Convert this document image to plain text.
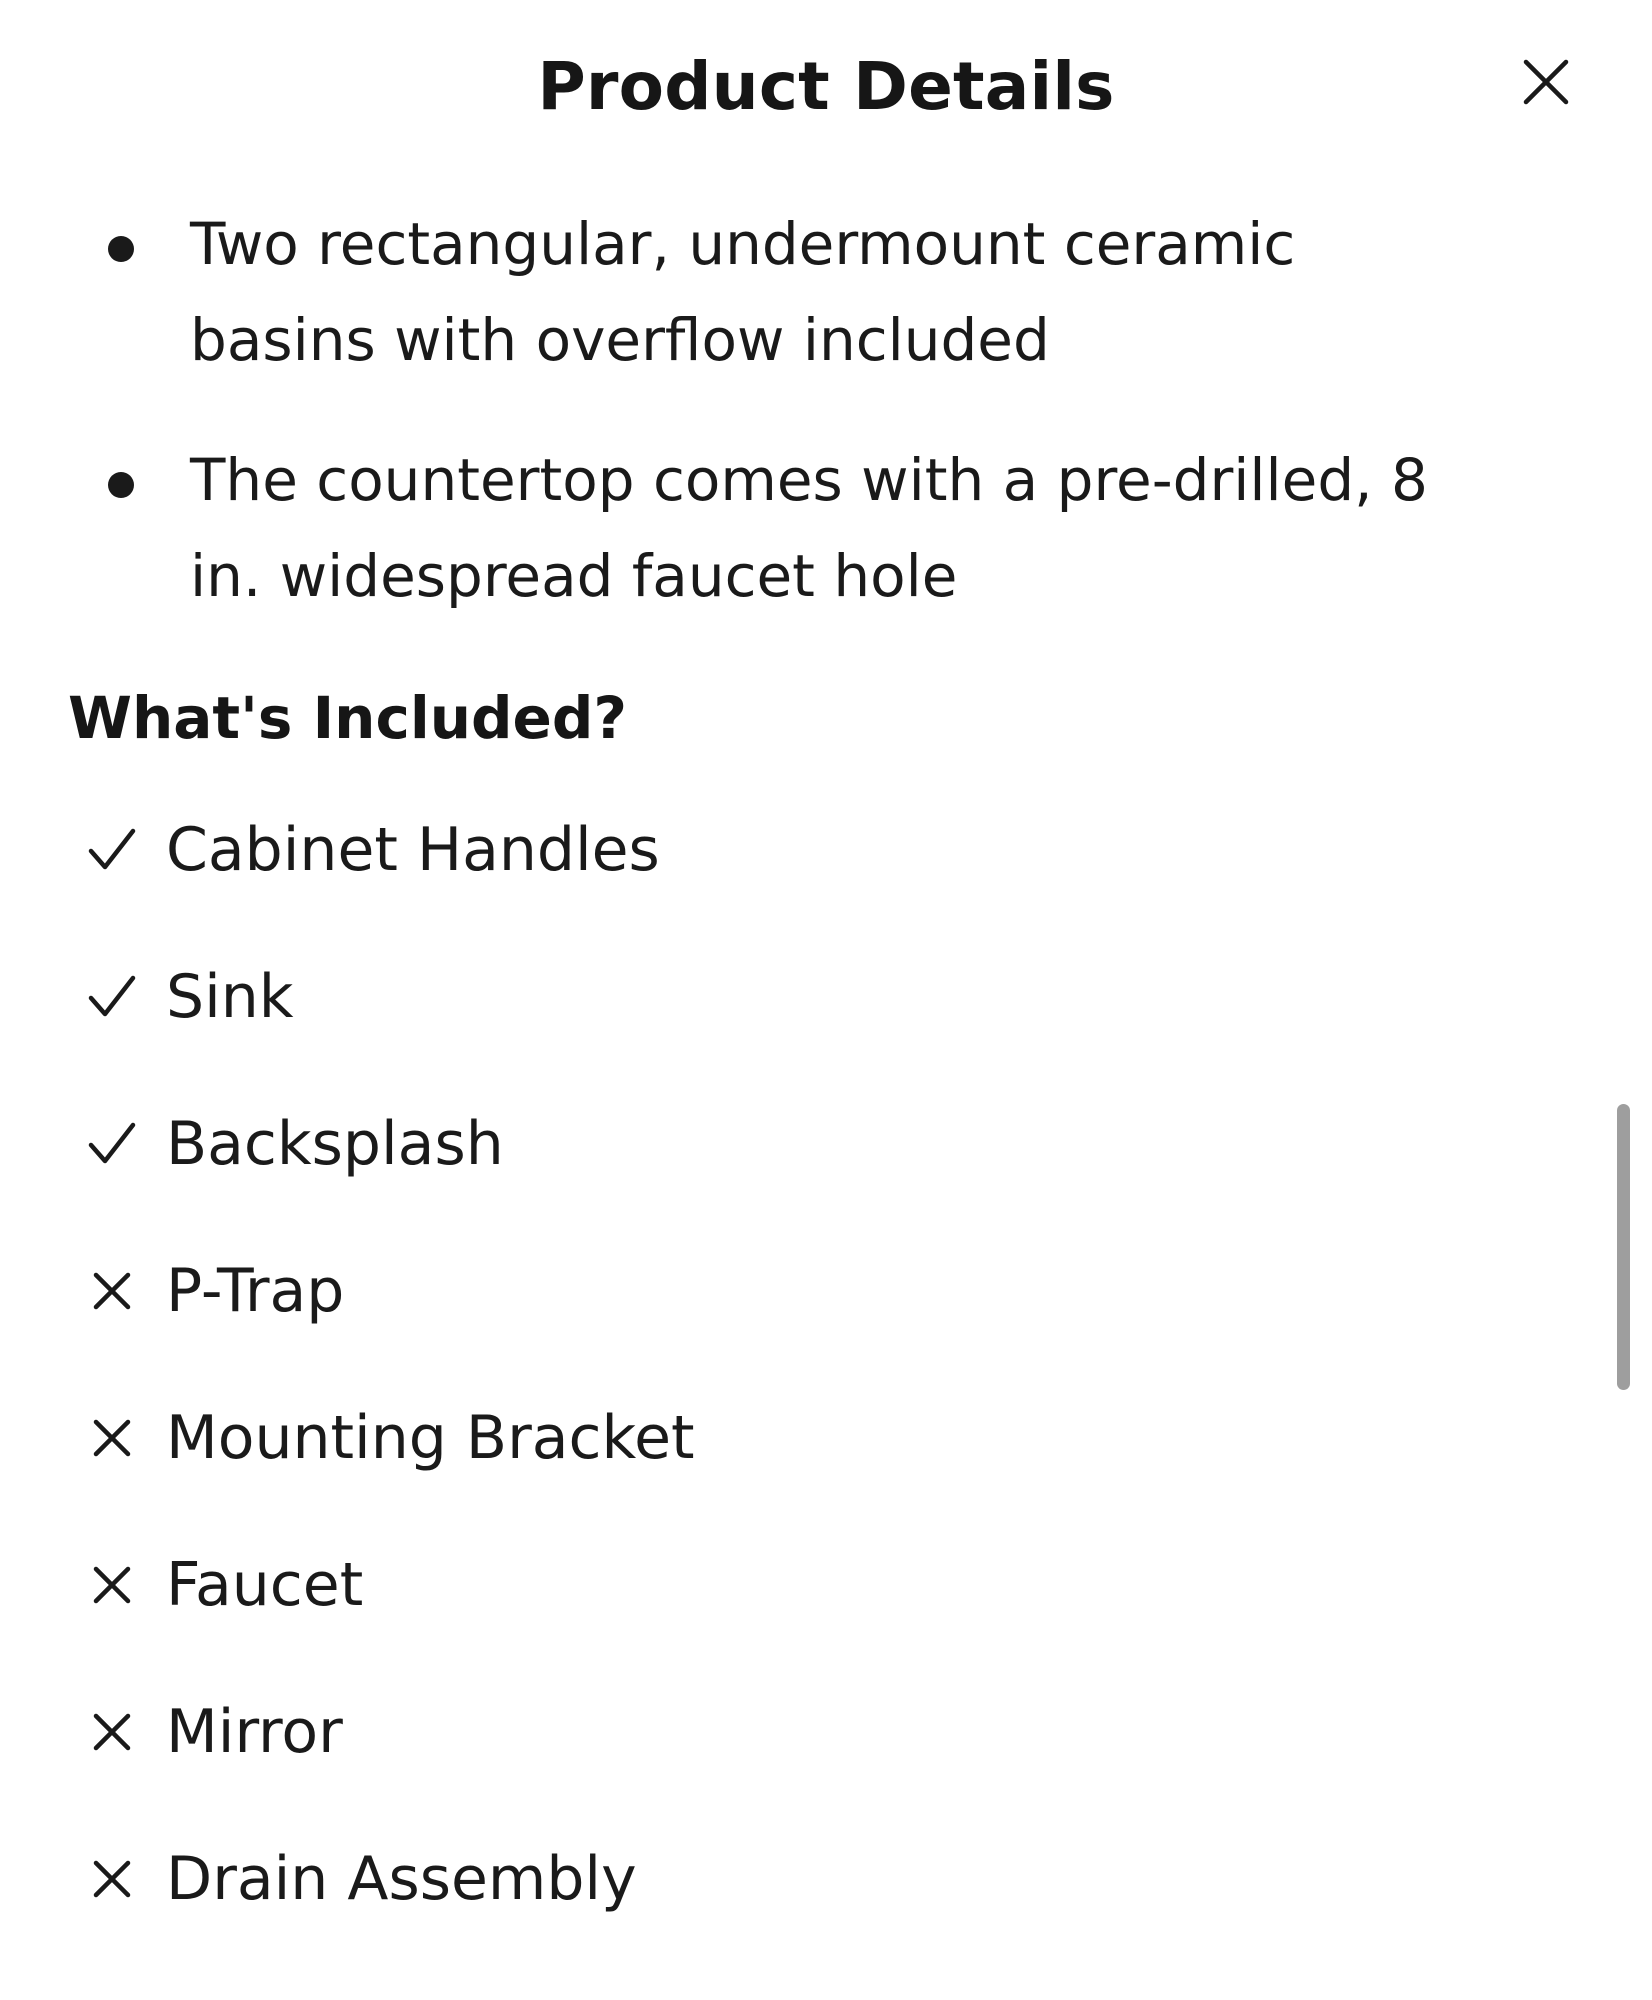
Product Details
Two rectangular, undermount ceramic
basins with overflow included
The countertop comes with a pre-drilled, 8
in. widespread faucet hole
What's Included?
Cabinet Handles
Sink
Backsplash
P-Trap
Mounting Bracket
Faucet
Mirror
Drain Assembly
